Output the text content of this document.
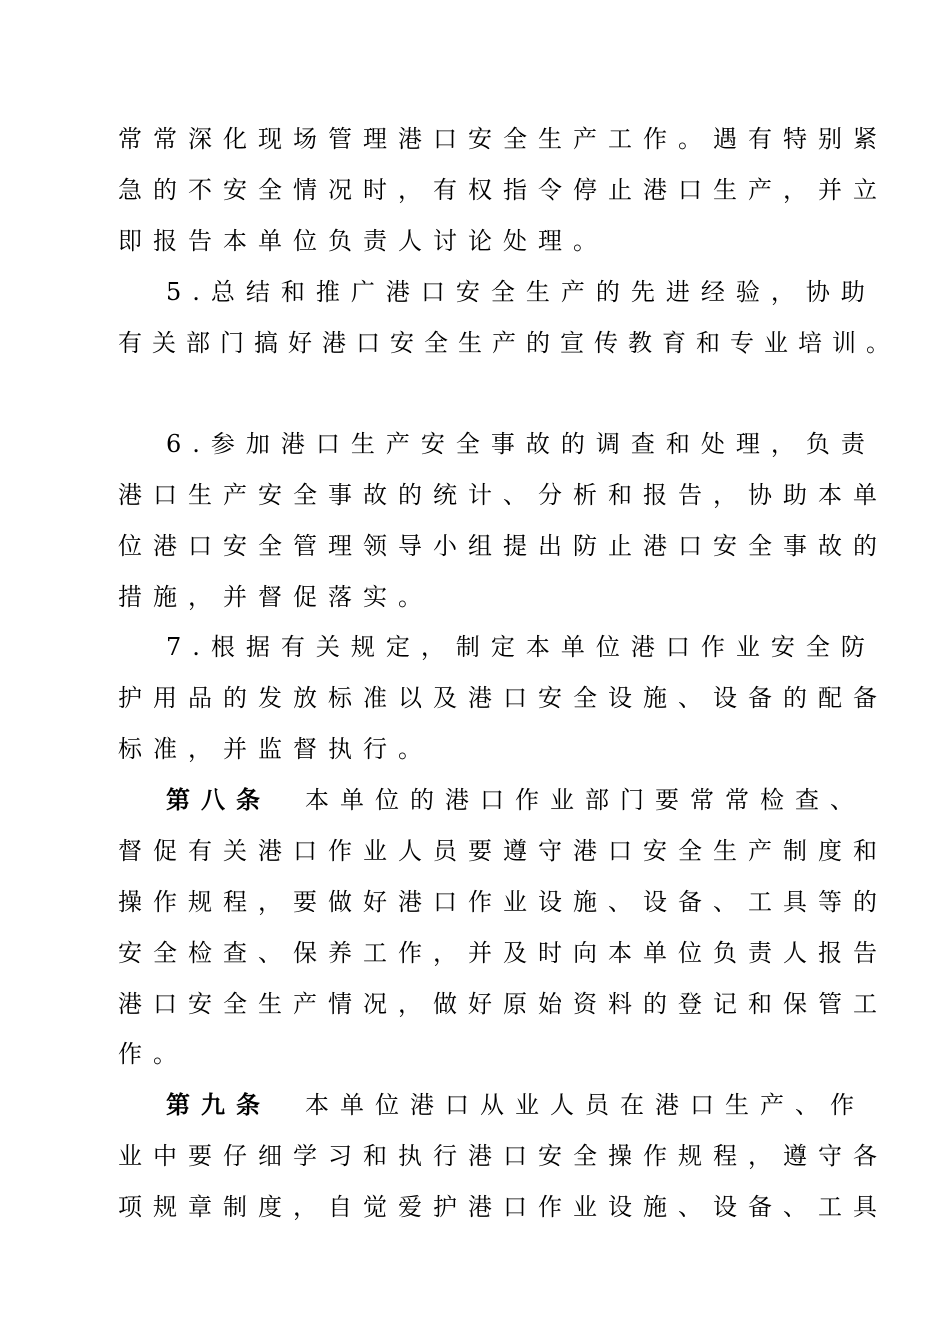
常常深化现场管理港口安全生产工作。遇有特别紧
急的不安全情况时，有权指令停止港口生产，并立
即报告本单位负责人讨论处理。
5.总结和推广港口安全生产的先进经验，协助
有关部门搞好港口安全生产的宣传教育和专业培训。
6.参加港口生产安全事故的调查和处理，负责
港口生产安全事故的统计、分析和报告，协助本单
位港口安全管理领导小组提出防止港口安全事故的
措施，并督促落实。
7.根据有关规定，制定本单位港口作业安全防
护用品的发放标准以及港口安全设施、设备的配备
标准，并监督执行。
第八条 本单位的港口作业部门要常常检查、
督促有关港口作业人员要遵守港口安全生产制度和
操作规程，要做好港口作业设施、设备、工具等的
安全检查、保养工作，并及时向本单位负责人报告
港口安全生产情况，做好原始资料的登记和保管工
作。
第九条 本单位港口从业人员在港口生产、作
业中要仔细学习和执行港口安全操作规程，遵守各
项规章制度，自觉爱护港口作业设施、设备、工具
